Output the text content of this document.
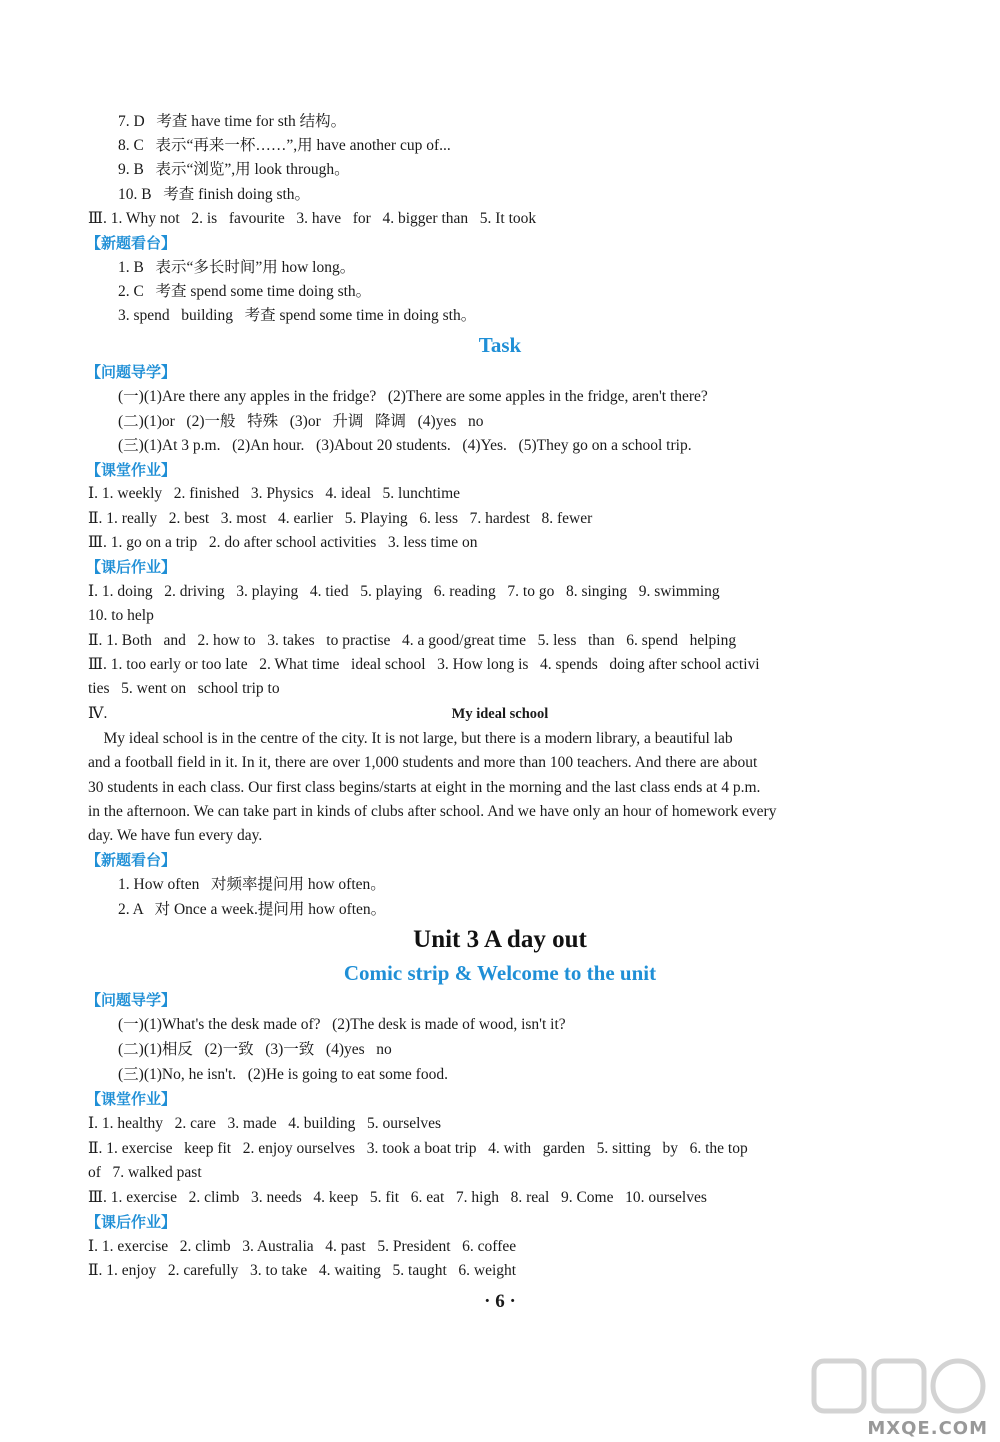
7. D   考查 have time for sth 结构。
8. C   表示“再来一杯……”,用 have another cup of...
9. B   表示“浏览”,用 look through。
10. B   考查 finish doing sth。
Ⅲ. 1. Why not   2. is   favourite   3. have   for   4. bigger than   5. It took
【新题看台】
1. B   表示“多长时间”用 how long。
2. C   考查 spend some time doing sth。
3. spend   building   考查 spend some time in doing sth。
Task
【问题导学】
(一)(1)Are there any apples in the fridge?   (2)There are some apples in the fridge, aren't there?
(二)(1)or   (2)一般   特殊   (3)or   升调   降调   (4)yes   no
(三)(1)At 3 p.m.   (2)An hour.   (3)About 20 students.   (4)Yes.   (5)They go on a school trip.
【课堂作业】
Ⅰ. 1. weekly   2. finished   3. Physics   4. ideal   5. lunchtime
Ⅱ. 1. really   2. best   3. most   4. earlier   5. Playing   6. less   7. hardest   8. fewer
Ⅲ. 1. go on a trip   2. do after school activities   3. less time on
【课后作业】
Ⅰ. 1. doing   2. driving   3. playing   4. tied   5. playing   6. reading   7. to go   8. singing   9. swimming
10. to help
Ⅱ. 1. Both   and   2. how to   3. takes   to practise   4. a good/great time   5. less   than   6. spend   helping
Ⅲ. 1. too early or too late   2. What time   ideal school   3. How long is   4. spends   doing after school activi
ties   5. went on   school trip to
Ⅳ.	My ideal school
My ideal school is in the centre of the city. It is not large, but there is a modern library, a beautiful lab
and a football field in it. In it, there are over 1,000 students and more than 100 teachers. And there are about
30 students in each class. Our first class begins/starts at eight in the morning and the last class ends at 4 p.m.
in the afternoon. We can take part in kinds of clubs after school. And we have only an hour of homework every
day. We have fun every day.
【新题看台】
1. How often   对频率提问用 how often。
2. A   对 Once a week.提问用 how often。
Unit 3 A day out
Comic strip & Welcome to the unit
【问题导学】
(一)(1)What's the desk made of?   (2)The desk is made of wood, isn't it?
(二)(1)相反   (2)一致   (3)一致   (4)yes   no
(三)(1)No, he isn't.   (2)He is going to eat some food.
【课堂作业】
Ⅰ. 1. healthy   2. care   3. made   4. building   5. ourselves
Ⅱ. 1. exercise   keep fit   2. enjoy ourselves   3. took a boat trip   4. with   garden   5. sitting   by   6. the top
of   7. walked past
Ⅲ. 1. exercise   2. climb   3. needs   4. keep   5. fit   6. eat   7. high   8. real   9. Come   10. ourselves
【课后作业】
Ⅰ. 1. exercise   2. climb   3. Australia   4. past   5. President   6. coffee
Ⅱ. 1. enjoy   2. carefully   3. to take   4. waiting   5. taught   6. weight
· 6 ·
MXQE.COM
